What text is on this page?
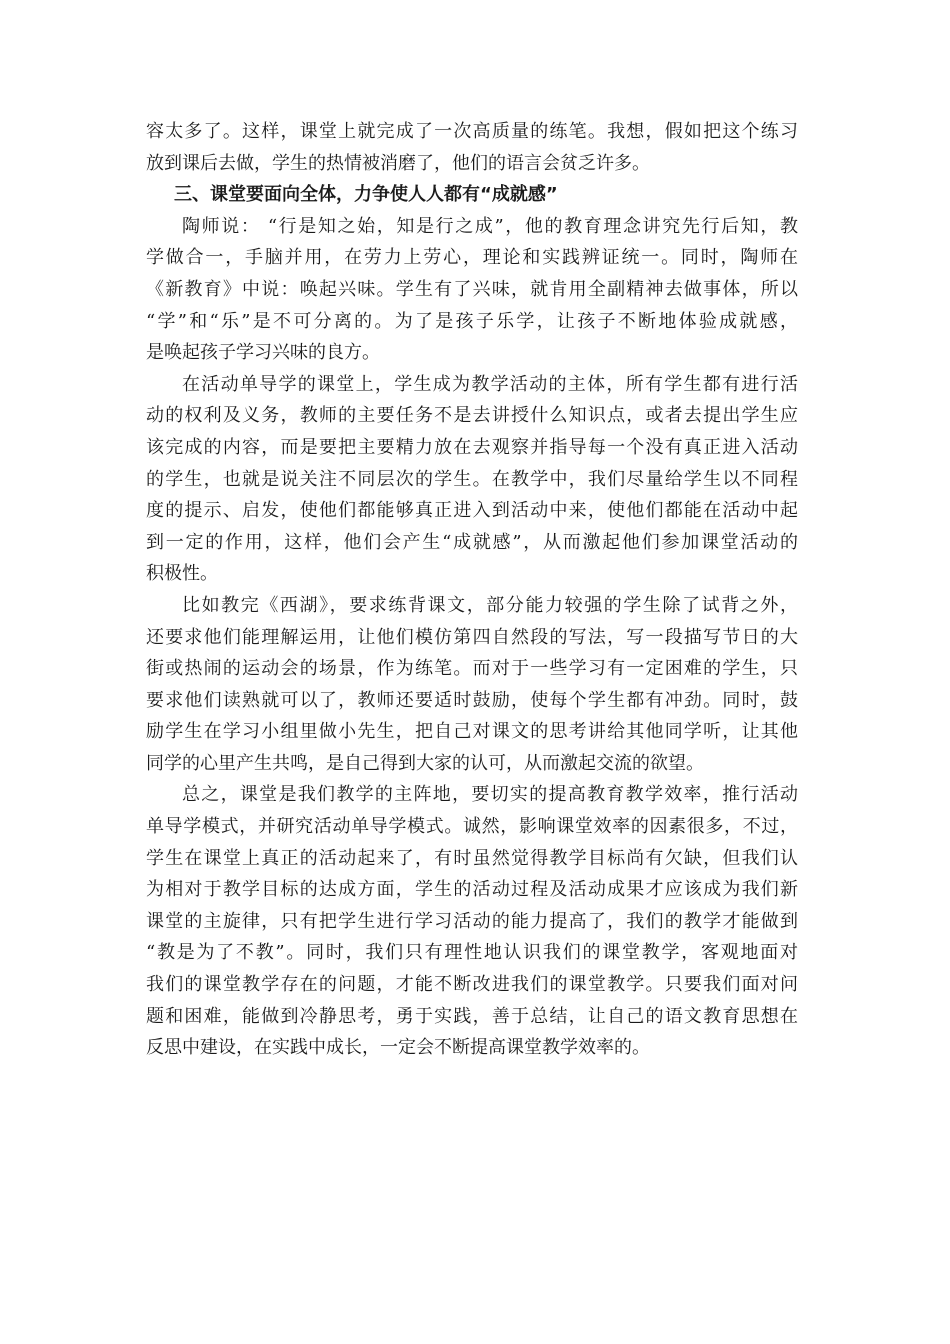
容太多了。这样，课堂上就完成了一次高质量的练笔。我想，假如把这个练习
放到课后去做，学生的热情被消磨了，他们的语言会贫乏许多。
三、课堂要面向全体，力争使人人都有“成就感”
陶师说： “行是知之始，知是行之成”，他的教育理念讲究先行后知，教
学做合一，手脑并用，在劳力上劳心，理论和实践辨证统一。同时，陶师在
《新教育》中说：唤起兴味。学生有了兴味，就肯用全副精神去做事体，所以
“学”和“乐”是不可分离的。为了是孩子乐学，让孩子不断地体验成就感，
是唤起孩子学习兴味的良方。
在活动单导学的课堂上，学生成为教学活动的主体，所有学生都有进行活
动的权利及义务，教师的主要任务不是去讲授什么知识点，或者去提出学生应
该完成的内容，而是要把主要精力放在去观察并指导每一个没有真正进入活动
的学生，也就是说关注不同层次的学生。在教学中，我们尽量给学生以不同程
度的提示、启发，使他们都能够真正进入到活动中来，使他们都能在活动中起
到一定的作用，这样，他们会产生“成就感”，从而激起他们参加课堂活动的
积极性。
比如教完《西湖》，要求练背课文，部分能力较强的学生除了试背之外，
还要求他们能理解运用，让他们模仿第四自然段的写法，写一段描写节日的大
街或热闹的运动会的场景，作为练笔。而对于一些学习有一定困难的学生，只
要求他们读熟就可以了，教师还要适时鼓励，使每个学生都有冲劲。同时，鼓
励学生在学习小组里做小先生，把自己对课文的思考讲给其他同学听，让其他
同学的心里产生共鸣，是自己得到大家的认可，从而激起交流的欲望。
总之，课堂是我们教学的主阵地，要切实的提高教育教学效率，推行活动
单导学模式，并研究活动单导学模式。诚然，影响课堂效率的因素很多，不过，
学生在课堂上真正的活动起来了，有时虽然觉得教学目标尚有欠缺，但我们认
为相对于教学目标的达成方面，学生的活动过程及活动成果才应该成为我们新
课堂的主旋律，只有把学生进行学习活动的能力提高了，我们的教学才能做到
“教是为了不教”。同时，我们只有理性地认识我们的课堂教学，客观地面对
我们的课堂教学存在的问题，才能不断改进我们的课堂教学。只要我们面对问
题和困难，能做到冷静思考，勇于实践，善于总结，让自己的语文教育思想在
反思中建设，在实践中成长，一定会不断提高课堂教学效率的。
